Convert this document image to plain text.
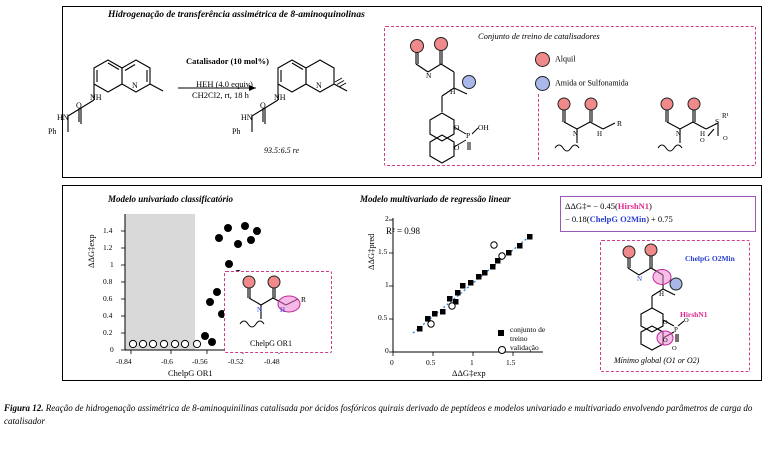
Hidrogenação de transferência assimétrica de 8-aminoquinolinas
N
NH
O
HN
Ph
N
NH
O
HN
Ph
Catalisador (10 mol%)
HEH (4.0 equiv)
CH2Cl2, rt, 18 h
93.5:6.5 re
Conjunto de treino de catalisadores
Alquil
Amida or Sulfonamida
N
H
P
OH
O
O
N	H
R
N	H
S
R¹
O
O
Modelo univariado classificatório	Modelo multivariado de regressão linear
0
0.2
0.4
0.6
0.8
1
1.2
1.4
-0.84	-0.6	-0.56	-0.52	-0.48
ΔΔG‡exp
ChelpG OR1
N	H
R
ChelpG OR1
R² = 0.98
0
0.5
1
1.5
2
0	0.5	1	1.5
ΔΔG‡pred
ΔΔG‡exp
conjunto de
treino
validação
ΔΔG‡= − 0.45(HirshN1)
− 0.18(ChelpG O2Min) + 0.75
N
H
P
O
O
O
O
ChelpG O2Min
HirshN1
Mínimo global (O1 or O2)
Figura 12. Reação de hidrogenação assimétrica de 8-aminoquinilinas catalisada por ácidos fosfóricos quirais derivado de peptídeos e modelos univariado e multivariado envolvendo parâmetros de carga do catalisador
